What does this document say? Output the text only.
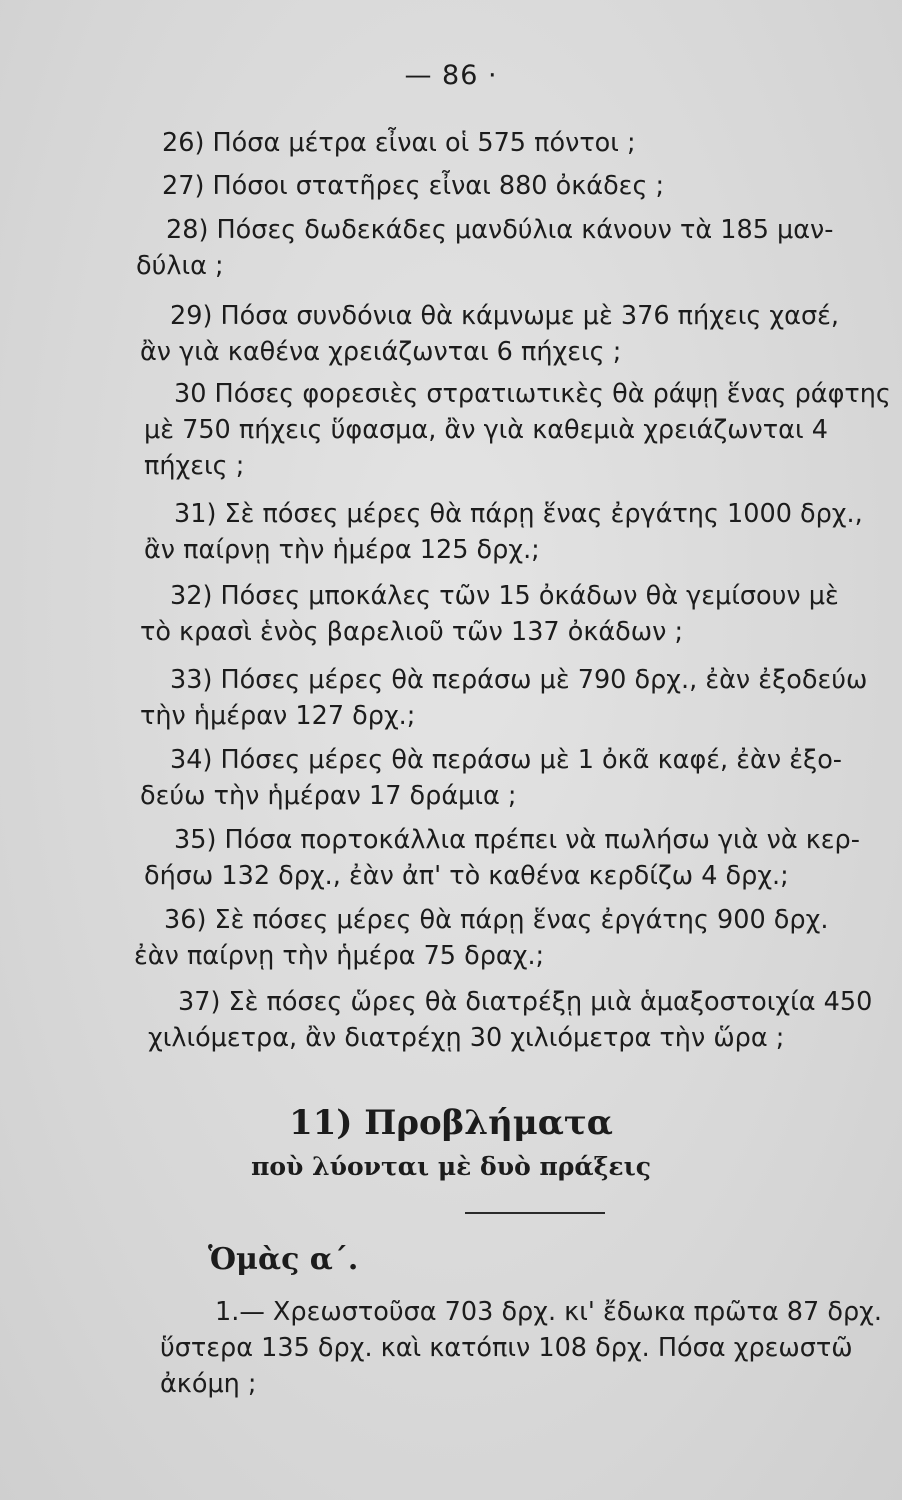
— 86 ·
26) Πόσα μέτρα εἶναι οἱ 575 πόντοι ;
27) Πόσοι στατῆρες εἶναι 880 ὀκάδες ;
28) Πόσες δωδεκάδες μανδύλια κάνουν τὰ 185 μαν-
δύλια ;
29) Πόσα συνδόνια θὰ κάμνωμε μὲ 376 πήχεις χασέ,
ἂν γιὰ καθένα χρειάζωνται 6 πήχεις ;
30 Πόσες φορεσιὲς στρατιωτικὲς θὰ ράψῃ ἕνας ράφτης
μὲ 750 πήχεις ὕφασμα, ἂν γιὰ καθεμιὰ χρειάζωνται 4
πήχεις ;
31) Σὲ πόσες μέρες θὰ πάρῃ ἕνας ἐργάτης 1000 δρχ.,
ἂν παίρνῃ τὴν ἡμέρα 125 δρχ.;
32) Πόσες μποκάλες τῶν 15 ὀκάδων θὰ γεμίσουν μὲ
τὸ κρασὶ ἑνὸς βαρελιοῦ τῶν 137 ὀκάδων ;
33) Πόσες μέρες θὰ περάσω μὲ 790 δρχ., ἐὰν ἐξοδεύω
τὴν ἡμέραν 127 δρχ.;
34) Πόσες μέρες θὰ περάσω μὲ 1 ὀκᾶ καφέ, ἐὰν ἐξο-
δεύω τὴν ἡμέραν 17 δράμια ;
35) Πόσα πορτοκάλλια πρέπει νὰ πωλήσω γιὰ νὰ κερ-
δήσω 132 δρχ., ἐὰν ἀπ' τὸ καθένα κερδίζω 4 δρχ.;
36) Σὲ πόσες μέρες θὰ πάρῃ ἕνας ἐργάτης 900 δρχ.
ἐὰν παίρνῃ τὴν ἡμέρα 75 δραχ.;
37) Σὲ πόσες ὥρες θὰ διατρέξῃ μιὰ ἁμαξοστοιχία 450
χιλιόμετρα, ἂν διατρέχῃ 30 χιλιόμετρα τὴν ὥρα ;
11) Προβλήματα
ποὺ λύονται μὲ δυὸ πράξεις
Ὁμὰς α΄.
1.— Χρεωστοῦσα 703 δρχ. κι' ἔδωκα πρῶτα 87 δρχ.
ὕστερα 135 δρχ. καὶ κατόπιν 108 δρχ. Πόσα χρεωστῶ
ἀκόμη ;
